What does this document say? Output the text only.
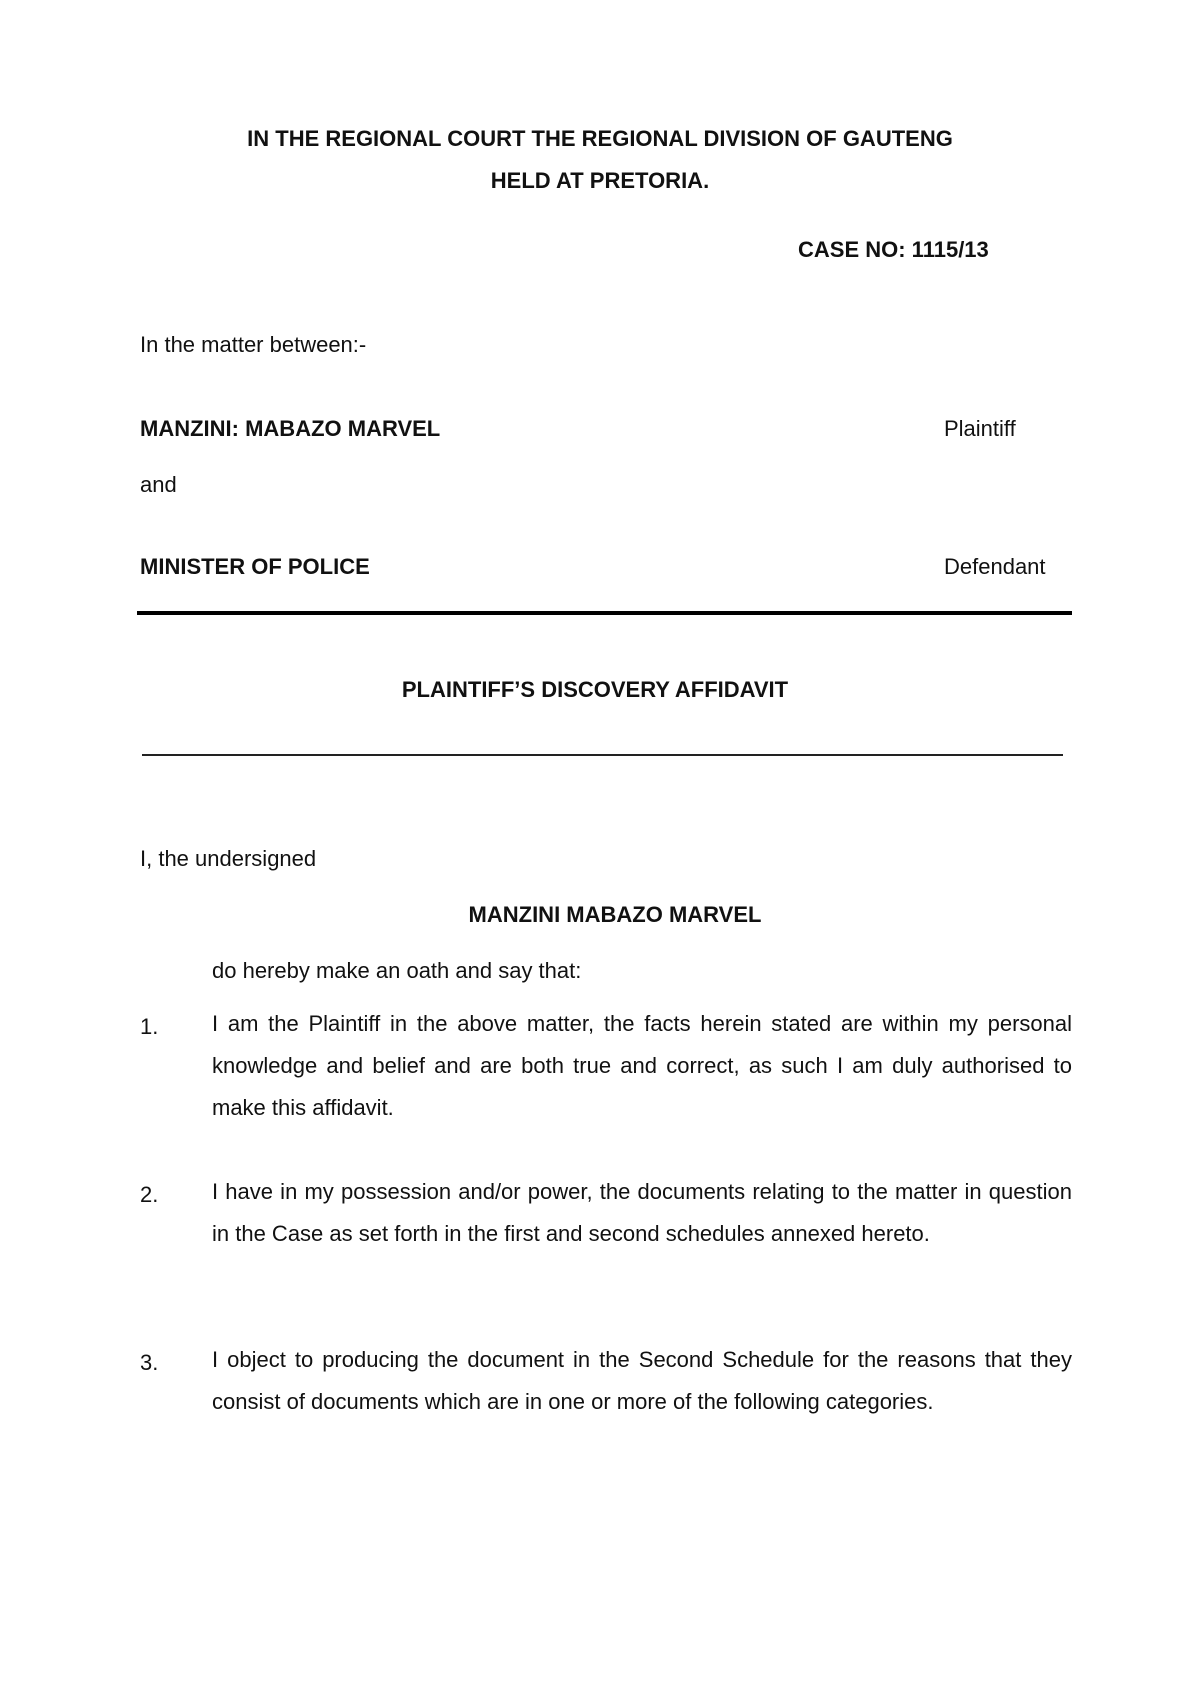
IN THE REGIONAL COURT THE REGIONAL DIVISION OF GAUTENG
HELD AT PRETORIA.
CASE NO: 1115/13
In the matter between:-
MANZINI: MABAZO MARVEL	Plaintiff
and
MINISTER OF POLICE	Defendant
PLAINTIFF’S DISCOVERY AFFIDAVIT
I, the undersigned
MANZINI MABAZO MARVEL
do hereby make an oath and say that:
1. I am the Plaintiff in the above matter, the facts herein stated are within my personal knowledge and belief and are both true and correct, as such I am duly authorised to make this affidavit.
2. I have in my possession and/or power, the documents relating to the matter in question in the Case as set forth in the first and second schedules annexed hereto.
3. I object to producing the document in the Second Schedule for the reasons that they consist of documents which are in one or more of the following categories.
